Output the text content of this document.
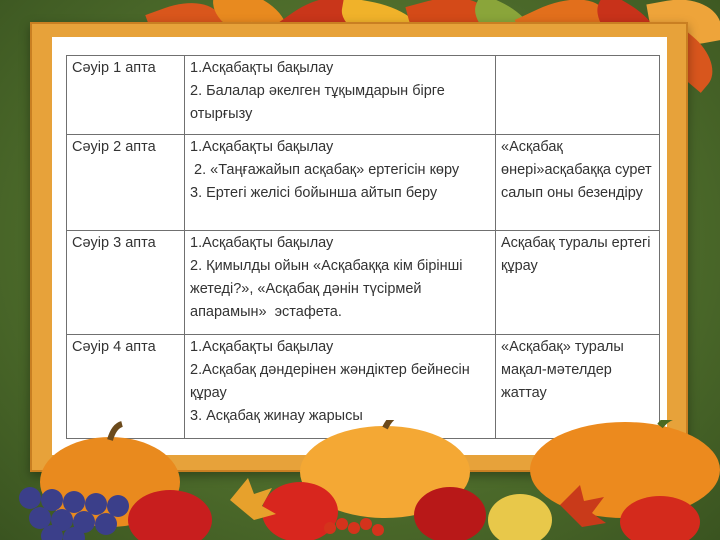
Сәуір 1 апта	1.Асқабақты бақылау
2. Балалар әкелген тұқымдарын бірге отырғызу	

Сәуір 2 апта	1.Асқабақты бақылау
2. «Таңғажайып асқабақ» ертегісін көру
3. Ертегі желісі бойынша айтып беру	«Асқабақ өнері»асқабаққа сурет салып оны безендіру
Сәуір 3 апта	1.Асқабақты бақылау
2. Қимылды ойын «Асқабаққа кім бірінші жетеді?», «Асқабақ дәнін түсірмей апарамын»  эстафета.	Асқабақ туралы ертегі құрау
Сәуір 4 апта	1.Асқабақты бақылау
2.Асқабақ дәндерінен жәндіктер бейнесін құрау
3. Асқабақ жинау жарысы	«Асқабақ» туралы мақал-мәтелдер жаттау
